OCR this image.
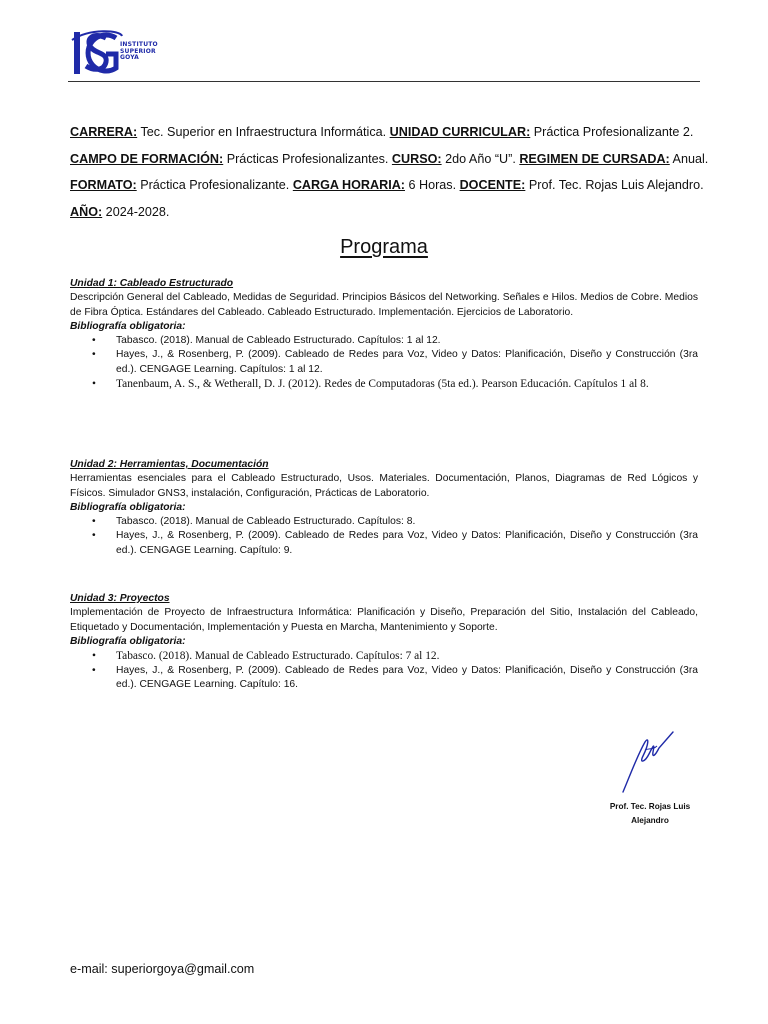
INSTITUTO
SUPERIOR
GOYA
CARRERA: Tec. Superior en Infraestructura Informática. UNIDAD CURRICULAR: Práctica Profesionalizante 2.
CAMPO DE FORMACIÓN: Prácticas Profesionalizantes. CURSO: 2do Año “U”. REGIMEN DE CURSADA: Anual.
FORMATO: Práctica Profesionalizante. CARGA HORARIA: 6 Horas. DOCENTE: Prof. Tec. Rojas Luis Alejandro.
AÑO: 2024-2028.
Programa
Unidad 1: Cableado Estructurado
Descripción General del Cableado, Medidas de Seguridad. Principios Básicos del Networking. Señales e Hilos. Medios de Cobre. Medios de Fibra Óptica. Estándares del Cableado. Cableado Estructurado. Implementación. Ejercicios de Laboratorio.
Bibliografía obligatoria:
• Tabasco. (2018). Manual de Cableado Estructurado. Capítulos: 1 al 12.
• Hayes, J., & Rosenberg, P. (2009). Cableado de Redes para Voz, Video y Datos: Planificación, Diseño y Construcción (3ra ed.). CENGAGE Learning. Capítulos: 1 al 12.
• Tanenbaum, A. S., & Wetherall, D. J. (2012). Redes de Computadoras (5ta ed.). Pearson Educación. Capítulos 1 al 8.
Unidad 2: Herramientas, Documentación
Herramientas esenciales para el Cableado Estructurado, Usos. Materiales. Documentación, Planos, Diagramas de Red Lógicos y Físicos. Simulador GNS3, instalación, Configuración, Prácticas de Laboratorio.
Bibliografía obligatoria:
• Tabasco. (2018). Manual de Cableado Estructurado. Capítulos: 8.
• Hayes, J., & Rosenberg, P. (2009). Cableado de Redes para Voz, Video y Datos: Planificación, Diseño y Construcción (3ra ed.). CENGAGE Learning. Capítulo: 9.
Unidad 3: Proyectos
Implementación de Proyecto de Infraestructura Informática: Planificación y Diseño, Preparación del Sitio, Instalación del Cableado, Etiquetado y Documentación, Implementación y Puesta en Marcha, Mantenimiento y Soporte.
Bibliografía obligatoria:
• Tabasco. (2018). Manual de Cableado Estructurado. Capítulos: 7 al 12.
• Hayes, J., & Rosenberg, P. (2009). Cableado de Redes para Voz, Video y Datos: Planificación, Diseño y Construcción (3ra ed.). CENGAGE Learning. Capítulo: 16.
Prof. Tec. Rojas Luis
Alejandro
e-mail: superiorgoya@gmail.com
